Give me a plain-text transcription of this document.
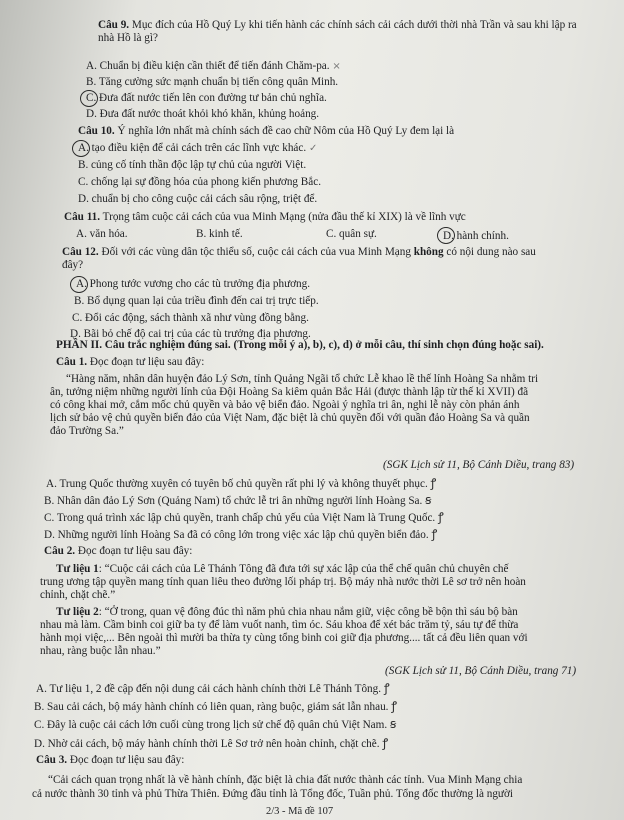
Câu 9. Mục đích của Hồ Quý Ly khi tiến hành các chính sách cải cách dưới thời nhà Trần và sau khi lập ra
nhà Hồ là gì?
A. Chuẩn bị điều kiện cần thiết để tiến đánh Chăm-pa. ×
B. Tăng cường sức mạnh chuẩn bị tiến công quân Minh.
C. Đưa đất nước tiến lên con đường tư bản chủ nghĩa.
D. Đưa đất nước thoát khỏi khó khăn, khủng hoảng.
Câu 10. Ý nghĩa lớn nhất mà chính sách đề cao chữ Nôm của Hồ Quý Ly đem lại là
A. tạo điều kiện để cải cách trên các lĩnh vực khác. ✓
B. củng cố tính thần độc lập tự chủ của người Việt.
C. chống lại sự đồng hóa của phong kiến phương Bắc.
D. chuẩn bị cho công cuộc cải cách sâu rộng, triệt để.
Câu 11. Trọng tâm cuộc cải cách của vua Minh Mạng (nửa đầu thế kỉ XIX) là về lĩnh vực
A. văn hóa.	B. kinh tế.	C. quân sự.	D. hành chính.
Câu 12. Đối với các vùng dân tộc thiểu số, cuộc cải cách của vua Minh Mạng không có nội dung nào sau
đây?
A. Phong tước vương cho các tù trưởng địa phương.
B. Bổ dụng quan lại của triều đình đến cai trị trực tiếp.
C. Đổi các động, sách thành xã như vùng đồng bằng.
D. Bãi bỏ chế độ cai trị của các tù trưởng địa phương.
PHẦN II. Câu trắc nghiệm đúng sai. (Trong mỗi ý a), b), c), d) ở mỗi câu, thí sinh chọn đúng hoặc sai).
Câu 1. Đọc đoạn tư liệu sau đây:
“Hàng năm, nhân dân huyện đảo Lý Sơn, tỉnh Quảng Ngãi tổ chức Lễ khao lề thế lính Hoàng Sa nhằm tri
ân, tưởng niệm những người lính của Đội Hoàng Sa kiêm quản Bắc Hải (được thành lập từ thế kỉ XVII) đã
có công khai mở, cắm mốc chủ quyền và bảo vệ biển đảo. Ngoài ý nghĩa tri ân, nghi lễ này còn phản ánh
lịch sử bảo vệ chủ quyền biển đảo của Việt Nam, đặc biệt là chủ quyền đối với quần đảo Hoàng Sa và quần
đảo Trường Sa.”
(SGK Lịch sử 11, Bộ Cánh Diều, trang 83)
A. Trung Quốc thường xuyên có tuyên bố chủ quyền rất phi lý và không thuyết phục. ꝭ
B. Nhân dân đảo Lý Sơn (Quảng Nam) tổ chức lễ tri ân những người lính Hoàng Sa. ꞩ
C. Trong quá trình xác lập chủ quyền, tranh chấp chủ yếu của Việt Nam là Trung Quốc. ꝭ
D. Những người lính Hoàng Sa đã có công lớn trong việc xác lập chủ quyền biển đảo. ꝭ
Câu 2. Đọc đoạn tư liệu sau đây:
Tư liệu 1: “Cuộc cải cách của Lê Thánh Tông đã đưa tới sự xác lập của thể chế quân chủ chuyên chế
trung ương tập quyền mang tính quan liêu theo đường lối pháp trị. Bộ máy nhà nước thời Lê sơ trở nên hoàn
chỉnh, chặt chẽ.”
Tư liệu 2: “Ở trong, quan vệ đông đúc thì năm phủ chia nhau nắm giữ, việc công bề bộn thì sáu bộ bàn
nhau mà làm. Cầm binh coi giữ ba ty để làm vuốt nanh, tìm óc. Sáu khoa để xét bác trăm tỷ, sáu tự để thừa
hành mọi việc,... Bên ngoài thì mười ba thừa ty cùng tổng binh coi giữ địa phương.... tất cả đều liên quan với
nhau, ràng buộc lẫn nhau.”
(SGK Lịch sử 11, Bộ Cánh Diều, trang 71)
A. Tư liệu 1, 2 đề cập đến nội dung cải cách hành chính thời Lê Thánh Tông. ꝭ
B. Sau cải cách, bộ máy hành chính có liên quan, ràng buộc, giám sát lẫn nhau. ꝭ
C. Đây là cuộc cải cách lớn cuối cùng trong lịch sử chế độ quân chủ Việt Nam. ꞩ
D. Nhờ cải cách, bộ máy hành chính thời Lê Sơ trở nên hoàn chỉnh, chặt chẽ. ꝭ
Câu 3. Đọc đoạn tư liệu sau đây:
“Cải cách quan trọng nhất là về hành chính, đặc biệt là chia đất nước thành các tỉnh. Vua Minh Mạng chia
cả nước thành 30 tỉnh và phủ Thừa Thiên. Đứng đầu tỉnh là Tổng đốc, Tuần phủ. Tổng đốc thường là người
2/3 - Mã đề 107
